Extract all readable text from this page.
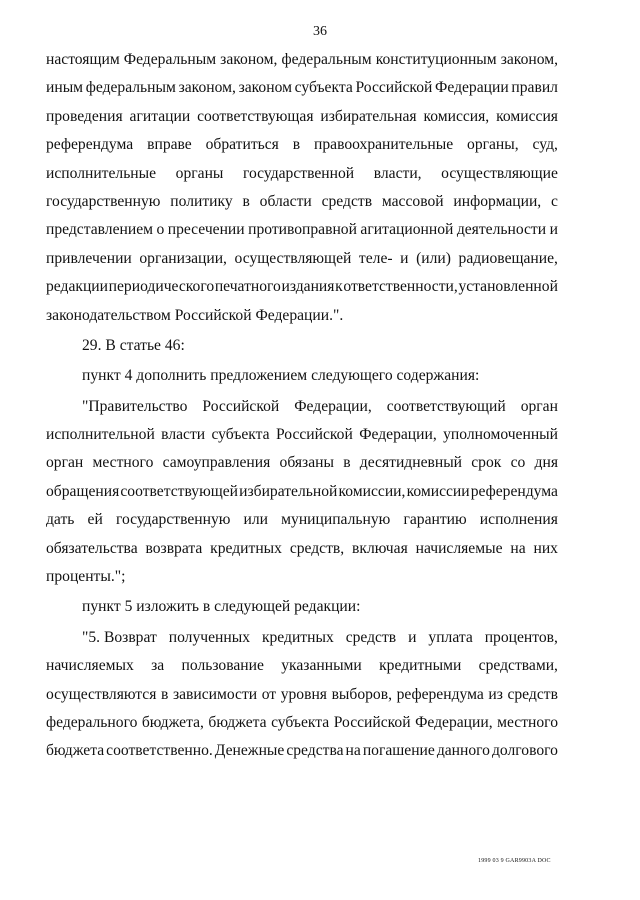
36
настоящим Федеральным законом, федеральным конституционным законом,
иным федеральным законом, законом субъекта Российской Федерации правил
проведения агитации соответствующая избирательная комиссия, комиссия
референдума вправе обратиться в правоохранительные органы, суд,
исполнительные органы государственной власти, осуществляющие
государственную политику в области средств массовой информации, с
представлением о пресечении противоправной агитационной деятельности и
привлечении организации, осуществляющей теле- и (или) радиовещание,
редакции периодического печатного издания к ответственности, установленной
законодательством Российской Федерации.".
29. В статье 46:
пункт 4 дополнить предложением следующего содержания:
"Правительство Российской Федерации, соответствующий орган
исполнительной власти субъекта Российской Федерации, уполномоченный
орган местного самоуправления обязаны в десятидневный срок со дня
обращения соответствующей избирательной комиссии, комиссии референдума
дать ей государственную или муниципальную гарантию исполнения
обязательства возврата кредитных средств, включая начисляемые на них
проценты.";
пункт 5 изложить в следующей редакции:
"5. Возврат полученных кредитных средств и уплата процентов,
начисляемых за пользование указанными кредитными средствами,
осуществляются в зависимости от уровня выборов, референдума из средств
федерального бюджета, бюджета субъекта Российской Федерации, местного
бюджета соответственно. Денежные средства на погашение данного долгового
1999 03 9 GAR9903A DOC
